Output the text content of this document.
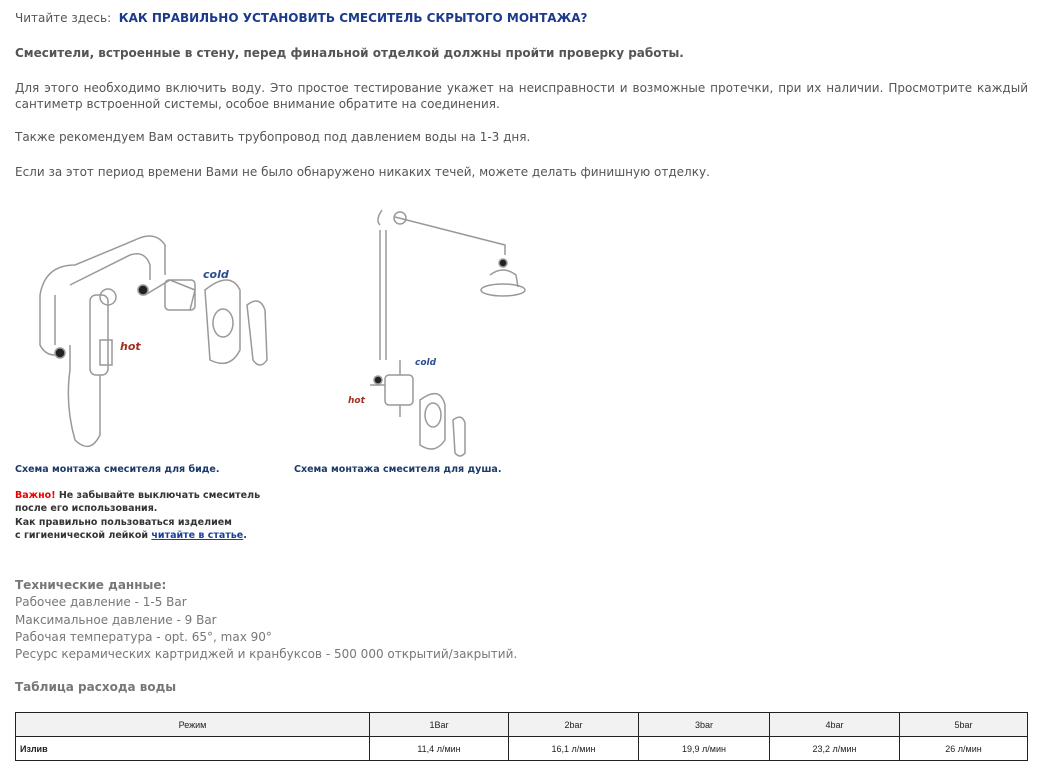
Читайте здесь: КАК ПРАВИЛЬНО УСТАНОВИТЬ СМЕСИТЕЛЬ СКРЫТОГО МОНТАЖА?
Смесители, встроенные в стену, перед финальной отделкой должны пройти проверку работы.
Для этого необходимо включить воду. Это простое тестирование укажет на неисправности и возможные протечки, при их наличии. Просмотрите каждый сантиметр встроенной системы, особое внимание обратите на соединения.
Также рекомендуем Вам оставить трубопровод под давлением воды на 1-3 дня.
Если за этот период времени Вами не было обнаружено никаких течей, можете делать финишную отделку.
cold
hot
cold
hot
Схема монтажа смесителя для биде.	Схема монтажа смесителя для душа.
Важно! Не забывайте выключать смеситель
после его использования.
Как правильно пользоваться изделием
с гигиенической лейкой читайте в статье.
Технические данные:
Рабочее давление - 1-5 Bar
Максимальное давление - 9 Bar
Рабочая температура - opt. 65°, max 90°
Ресурс керамических картриджей и кранбуксов - 500 000 открытий/закрытий.
Таблица расхода воды
Режим	1Bar	2bar	3bar	4bar	5bar
Излив	11,4 л/мин	16,1 л/мин	19,9 л/мин	23,2 л/мин	26 л/мин
